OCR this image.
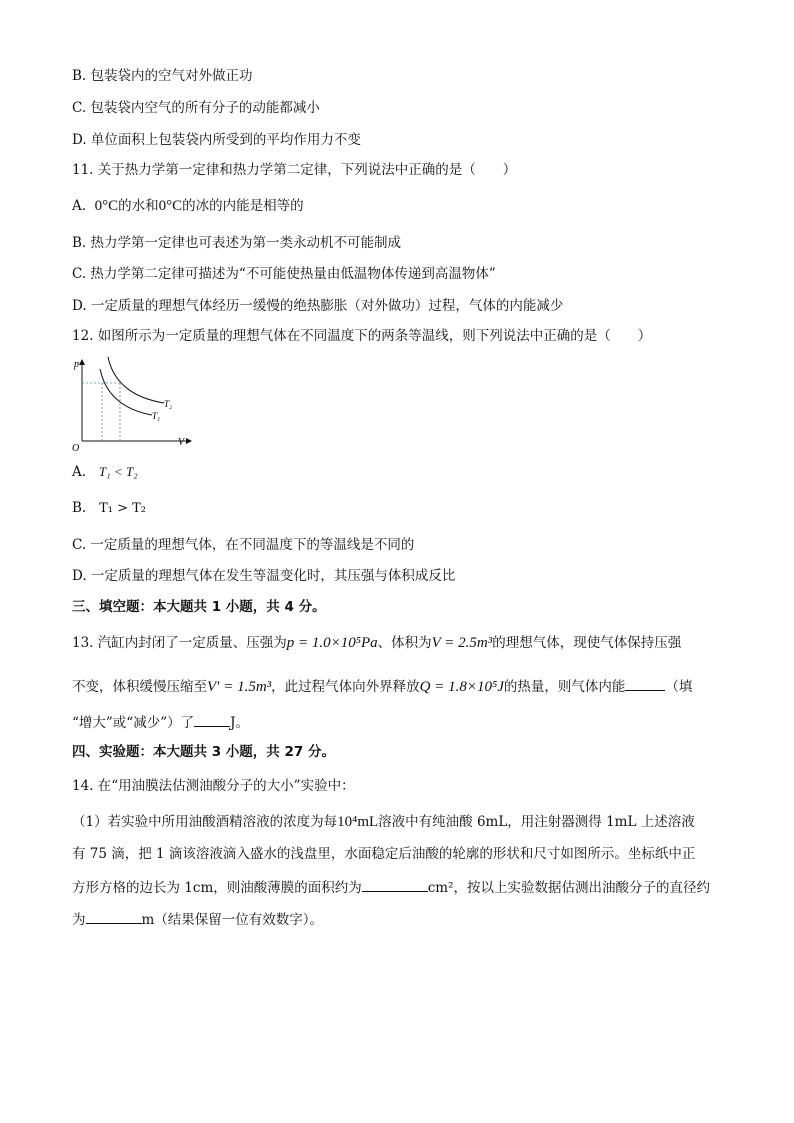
B. 包装袋内的空气对外做正功
C. 包装袋内空气的所有分子的动能都减小
D. 单位面积上包装袋内所受到的平均作用力不变
11. 关于热力学第一定律和热力学第二定律，下列说法中正确的是（　　）
A. 0°C的水和0°C的冰的内能是相等的
B. 热力学第一定律也可表述为第一类永动机不可能制成
C. 热力学第二定律可描述为“不可能使热量由低温物体传递到高温物体”
D. 一定质量的理想气体经历一缓慢的绝热膨胀（对外做功）过程，气体的内能减少
12. 如图所示为一定质量的理想气体在不同温度下的两条等温线，则下列说法中正确的是（　　）
p
V
O
T₂
T₁
A. T₁ < T₂
B. T₁ > T₂
C. 一定质量的理想气体，在不同温度下的等温线是不同的
D. 一定质量的理想气体在发生等温变化时，其压强与体积成反比
三、填空题：本大题共 1 小题，共 4 分。
13. 汽缸内封闭了一定质量、压强为p = 1.0×10⁵Pa、体积为V = 2.5m³的理想气体，现使气体保持压强
不变，体积缓慢压缩至V′ = 1.5m³，此过程气体向外界释放Q = 1.8×10⁵J的热量，则气体内能	（填
“增大”或“减少”）了	J。
四、实验题：本大题共 3 小题，共 27 分。
14. 在“用油膜法估测油酸分子的大小”实验中：
（1）若实验中所用油酸酒精溶液的浓度为每10⁴mL溶液中有纯油酸 6mL，用注射器测得 1mL 上述溶液
有 75 滴，把 1 滴该溶液滴入盛水的浅盘里，水面稳定后油酸的轮廓的形状和尺寸如图所示。坐标纸中正
方形方格的边长为 1cm，则油酸薄膜的面积约为	cm²，按以上实验数据估测出油酸分子的直径约
为	m（结果保留一位有效数字）。
